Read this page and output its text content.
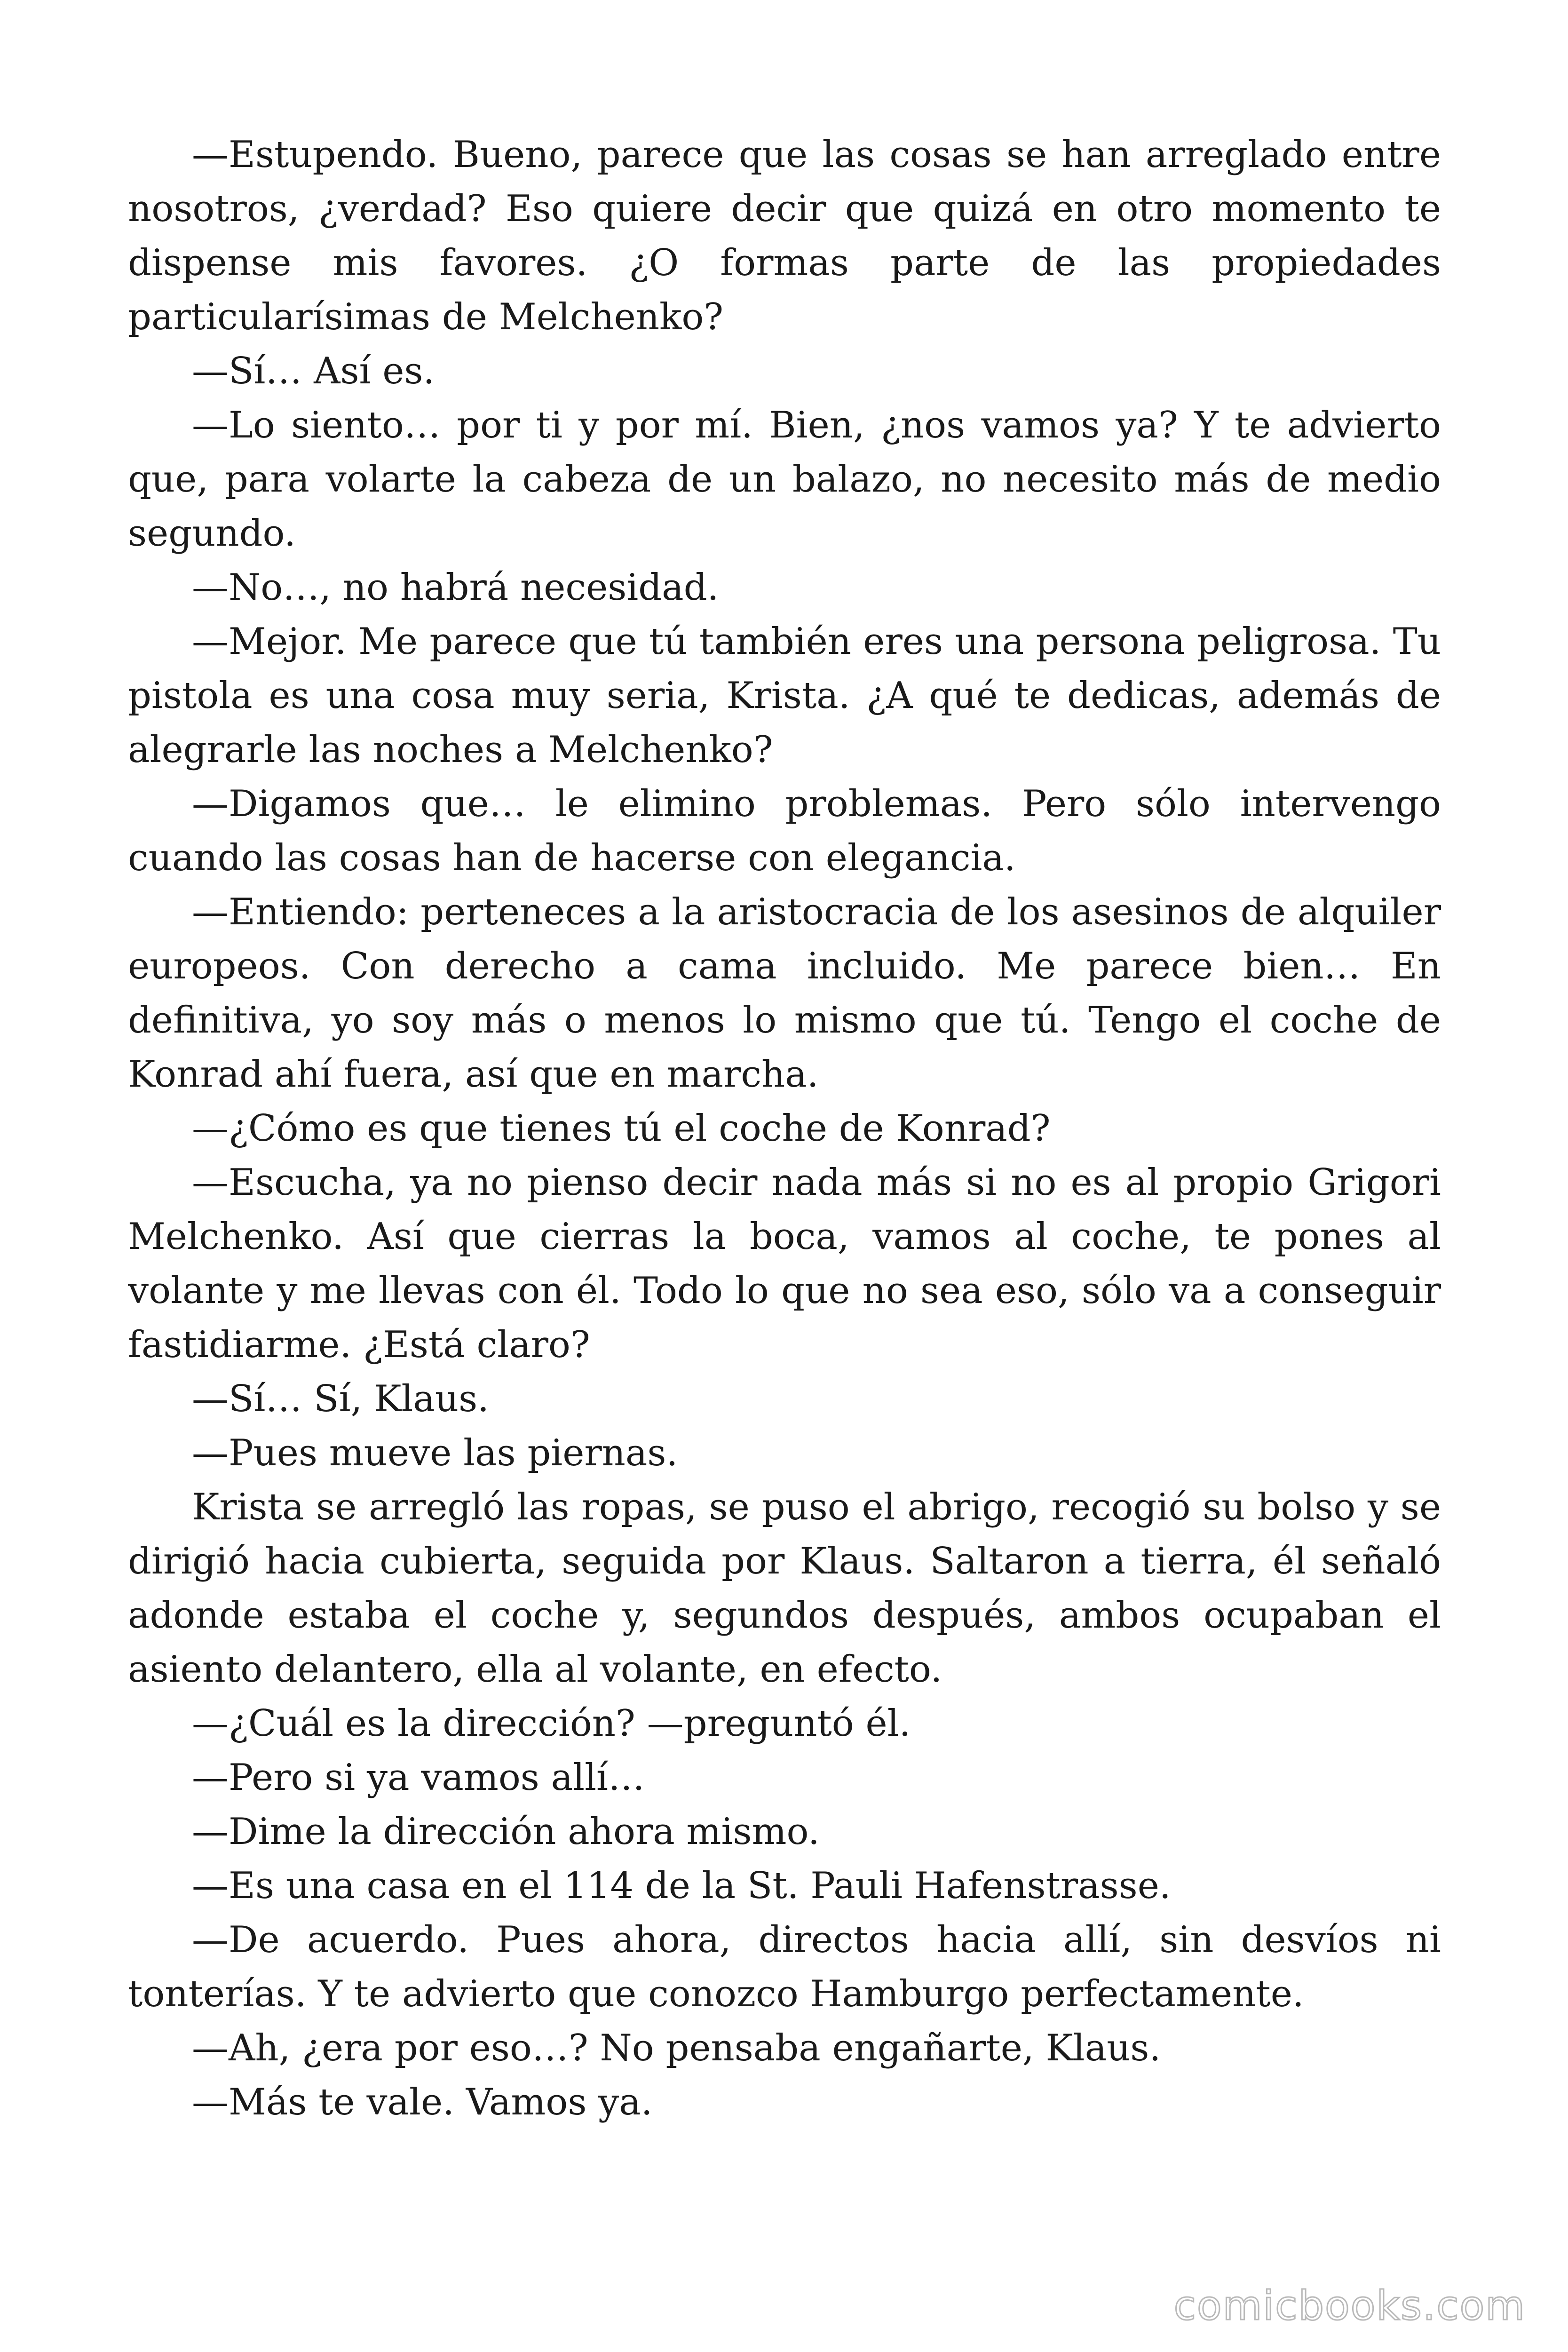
—Estupendo. Bueno, parece que las cosas se han arreglado entre nosotros, ¿verdad? Eso quiere decir que quizá en otro momento te dispense mis favores. ¿O formas parte de las propiedades particularísimas de Melchenko?

—Sí… Así es.

—Lo siento… por ti y por mí. Bien, ¿nos vamos ya? Y te advierto que, para volarte la cabeza de un balazo, no necesito más de medio segundo.

—No…, no habrá necesidad.

—Mejor. Me parece que tú también eres una persona peligrosa. Tu pistola es una cosa muy seria, Krista. ¿A qué te dedicas, además de alegrarle las noches a Melchenko?

—Digamos que… le elimino problemas. Pero sólo intervengo cuando las cosas han de hacerse con elegancia.

—Entiendo: perteneces a la aristocracia de los asesinos de alquiler europeos. Con derecho a cama incluido. Me parece bien… En definitiva, yo soy más o menos lo mismo que tú. Tengo el coche de Konrad ahí fuera, así que en marcha.

—¿Cómo es que tienes tú el coche de Konrad?

—Escucha, ya no pienso decir nada más si no es al propio Grigori Melchenko. Así que cierras la boca, vamos al coche, te pones al volante y me llevas con él. Todo lo que no sea eso, sólo va a conseguir fastidiarme. ¿Está claro?

—Sí… Sí, Klaus.

—Pues mueve las piernas.

Krista se arregló las ropas, se puso el abrigo, recogió su bolso y se dirigió hacia cubierta, seguida por Klaus. Saltaron a tierra, él señaló adonde estaba el coche y, segundos después, ambos ocupaban el asiento delantero, ella al volante, en efecto.

—¿Cuál es la dirección? —preguntó él.

—Pero si ya vamos allí…

—Dime la dirección ahora mismo.

—Es una casa en el 114 de la St. Pauli Hafenstrasse.

—De acuerdo. Pues ahora, directos hacia allí, sin desvíos ni tonterías. Y te advierto que conozco Hamburgo perfectamente.

—Ah, ¿era por eso…? No pensaba engañarte, Klaus.

—Más te vale. Vamos ya.

comicbooks.com
